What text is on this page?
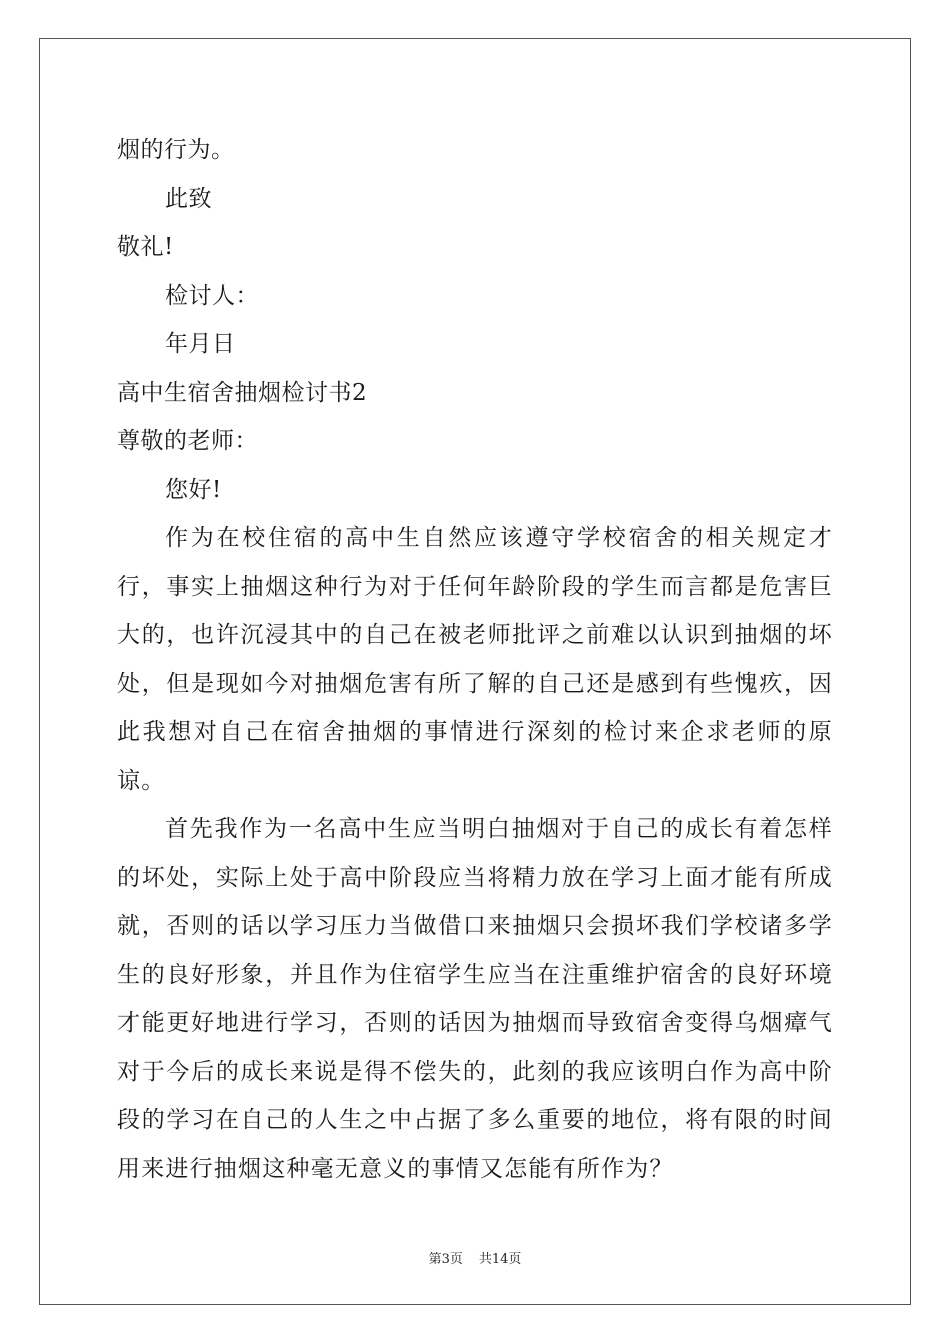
烟的行为。
此致
敬礼!
检讨人：
年月日
高中生宿舍抽烟检讨书2
尊敬的老师：
您好!

作为在校住宿的高中生自然应该遵守学校宿舍的相关规定才行，事实上抽烟这种行为对于任何年龄阶段的学生而言都是危害巨大的，也许沉浸其中的自己在被老师批评之前难以认识到抽烟的坏处，但是现如今对抽烟危害有所了解的自己还是感到有些愧疚，因此我想对自己在宿舍抽烟的事情进行深刻的检讨来企求老师的原谅。

首先我作为一名高中生应当明白抽烟对于自己的成长有着怎样的坏处，实际上处于高中阶段应当将精力放在学习上面才能有所成就，否则的话以学习压力当做借口来抽烟只会损坏我们学校诸多学生的良好形象，并且作为住宿学生应当在注重维护宿舍的良好环境才能更好地进行学习，否则的话因为抽烟而导致宿舍变得乌烟瘴气对于今后的成长来说是得不偿失的，此刻的我应该明白作为高中阶段的学习在自己的人生之中占据了多么重要的地位，将有限的时间用来进行抽烟这种毫无意义的事情又怎能有所作为？

第3页 共14页
